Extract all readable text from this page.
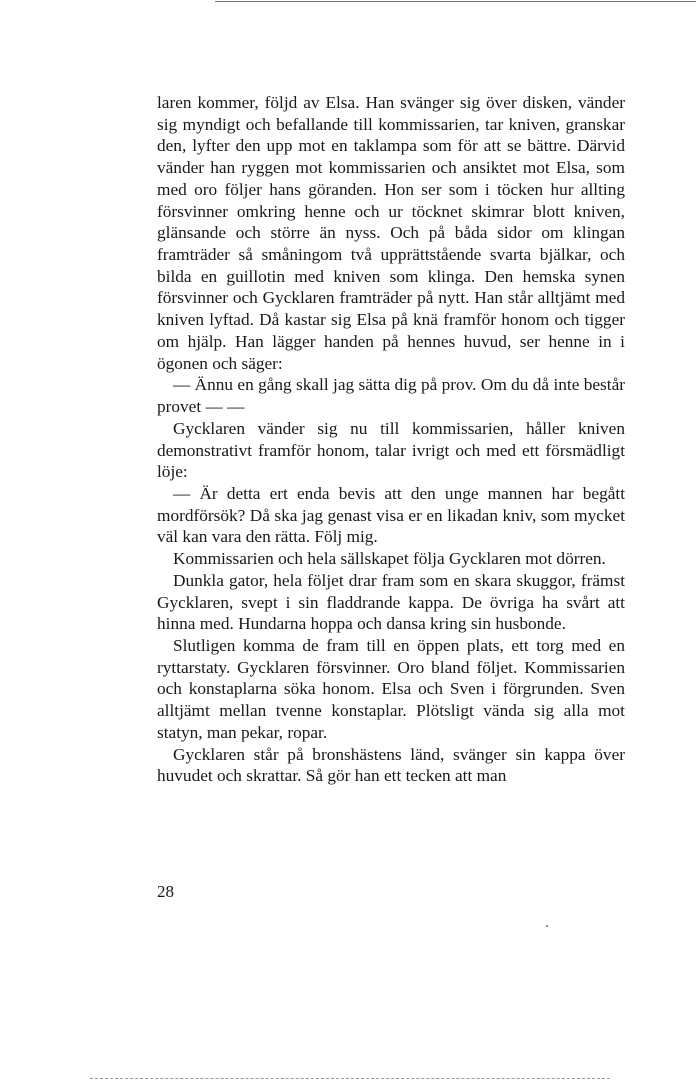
laren kommer, följd av Elsa. Han svänger sig över disken, vänder sig myndigt och befallande till kommissarien, tar kniven, granskar den, lyfter den upp mot en taklampa som för att se bättre. Därvid vänder han ryggen mot kommissarien och ansiktet mot Elsa, som med oro följer hans göranden. Hon ser som i töcken hur allting försvinner omkring henne och ur töcknet skimrar blott kniven, glänsande och större än nyss. Och på båda sidor om klingan framträder så småningom två upprättstående svarta bjälkar, och bilda en guillotin med kniven som klinga. Den hemska synen försvinner och Gycklaren framträder på nytt. Han står alltjämt med kniven lyftad. Då kastar sig Elsa på knä framför honom och tigger om hjälp. Han lägger handen på hennes huvud, ser henne in i ögonen och säger:

— Ännu en gång skall jag sätta dig på prov. Om du då inte består provet — —

Gycklaren vänder sig nu till kommissarien, håller kniven demonstrativt framför honom, talar ivrigt och med ett försmädligt löje:

— Är detta ert enda bevis att den unge mannen har begått mordförsök? Då ska jag genast visa er en likadan kniv, som mycket väl kan vara den rätta. Följ mig.

Kommissarien och hela sällskapet följa Gycklaren mot dörren.

Dunkla gator, hela följet drar fram som en skara skuggor, främst Gycklaren, svept i sin fladdrande kappa. De övriga ha svårt att hinna med. Hundarna hoppa och dansa kring sin husbonde.

Slutligen komma de fram till en öppen plats, ett torg med en ryttarstaty. Gycklaren försvinner. Oro bland följet. Kommissarien och konstaplarna söka honom. Elsa och Sven i förgrunden. Sven alltjämt mellan tvenne konstaplar. Plötsligt vända sig alla mot statyn, man pekar, ropar.

Gycklaren står på bronshästens länd, svänger sin kappa över huvudet och skrattar. Så gör han ett tecken att man

28
